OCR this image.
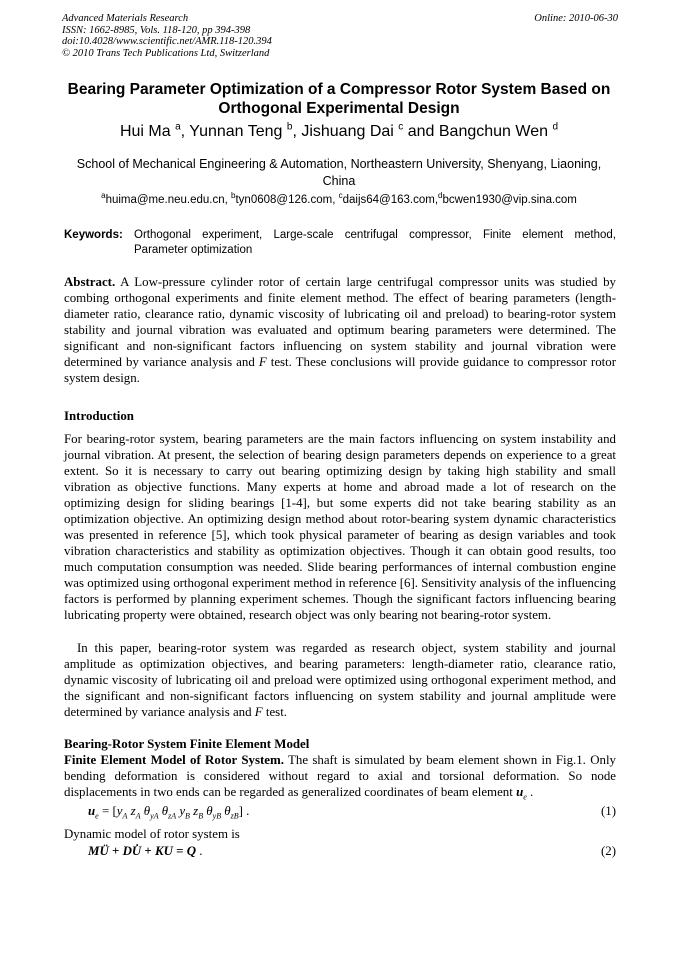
Advanced Materials Research
ISSN: 1662-8985, Vols. 118-120, pp 394-398
doi:10.4028/www.scientific.net/AMR.118-120.394
© 2010 Trans Tech Publications Ltd, Switzerland
Online: 2010-06-30
Bearing Parameter Optimization of a Compressor Rotor System Based on Orthogonal Experimental Design
Hui Ma $^a$, Yunnan Teng $^b$, Jishuang Dai $^c$ and Bangchun Wen $^d$
School of Mechanical Engineering & Automation, Northeastern University, Shenyang, Liaoning, China
$^a$huima@me.neu.edu.cn, $^b$tyn0608@126.com, $^c$daijs64@163.com,$^d$bcwen1930@vip.sina.com
Keywords: Orthogonal experiment, Large-scale centrifugal compressor, Finite element method, Parameter optimization
Abstract. A Low-pressure cylinder rotor of certain large centrifugal compressor units was studied by combing orthogonal experiments and finite element method. The effect of bearing parameters (length-diameter ratio, clearance ratio, dynamic viscosity of lubricating oil and preload) to bearing-rotor system stability and journal vibration was evaluated and optimum bearing parameters were determined. The significant and non-significant factors influencing on system stability and journal vibration were determined by variance analysis and F test. These conclusions will provide guidance to compressor rotor system design.
Introduction
For bearing-rotor system, bearing parameters are the main factors influencing on system instability and journal vibration. At present, the selection of bearing design parameters depends on experience to a great extent. So it is necessary to carry out bearing optimizing design by taking high stability and small vibration as objective functions. Many experts at home and abroad made a lot of research on the optimizing design for sliding bearings [1-4], but some experts did not take bearing stability as an optimization objective. An optimizing design method about rotor-bearing system dynamic characteristics was presented in reference [5], which took physical parameter of bearing as design variables and took vibration characteristics and stability as optimization objectives. Though it can obtain good results, too much computation consumption was needed. Slide bearing performances of internal combustion engine was optimized using orthogonal experiment method in reference [6]. Sensitivity analysis of the influencing factors is performed by planning experiment schemes. Though the significant factors influencing bearing lubricating property were obtained, research object was only bearing not bearing-rotor system.
In this paper, bearing-rotor system was regarded as research object, system stability and journal amplitude as optimization objectives, and bearing parameters: length-diameter ratio, clearance ratio, dynamic viscosity of lubricating oil and preload were optimized using orthogonal experiment method, and the significant and non-significant factors influencing on system stability and journal amplitude were determined by variance analysis and F test.
Bearing-Rotor System Finite Element Model
Finite Element Model of Rotor System. The shaft is simulated by beam element shown in Fig.1. Only bending deformation is considered without regard to axial and torsional deformation. So node displacements in two ends can be regarded as generalized coordinates of beam element $u_e$ .
$u_e = [y_A$ $z_A$ $\theta_{yA}$ $\theta_{zA}$ $y_B$ $z_B$ $\theta_{yB}$ $\theta_{zB}$] .	(1)
Dynamic model of rotor system is
MÜ + DU̇ + KU = Q .	(2)
